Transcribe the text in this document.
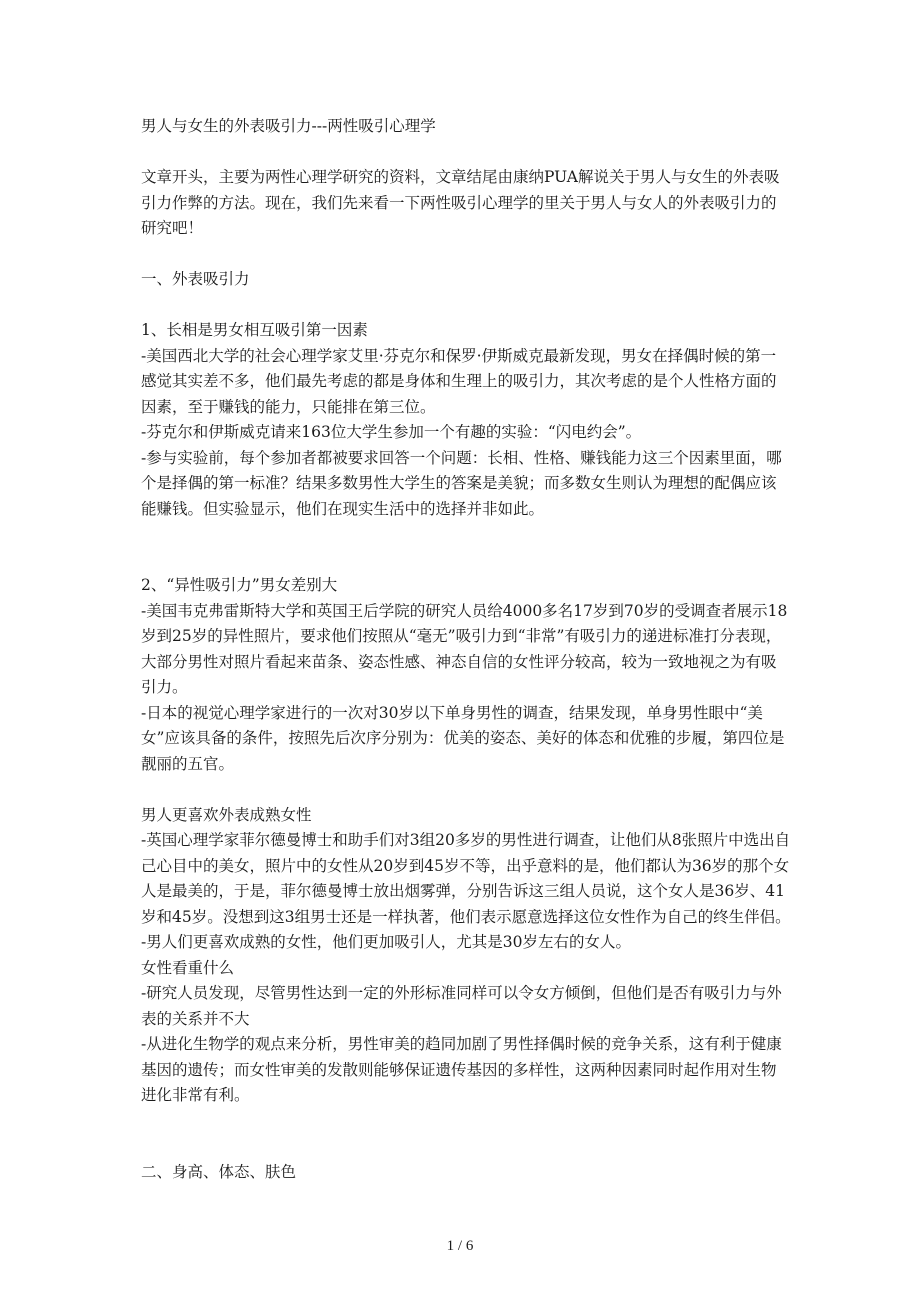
男人与女生的外表吸引力---两性吸引心理学

文章开头，主要为两性心理学研究的资料，文章结尾由康纳PUA解说关于男人与女生的外表吸引力作弊的方法。现在，我们先来看一下两性吸引心理学的里关于男人与女人的外表吸引力的研究吧！

一、外表吸引力

1、长相是男女相互吸引第一因素

-美国西北大学的社会心理学家艾里·芬克尔和保罗·伊斯威克最新发现，男女在择偶时候的第一感觉其实差不多，他们最先考虑的都是身体和生理上的吸引力，其次考虑的是个人性格方面的因素，至于赚钱的能力，只能排在第三位。

-芬克尔和伊斯威克请来163位大学生参加一个有趣的实验：“闪电约会”。

-参与实验前，每个参加者都被要求回答一个问题：长相、性格、赚钱能力这三个因素里面，哪个是择偶的第一标准？结果多数男性大学生的答案是美貌；而多数女生则认为理想的配偶应该能赚钱。但实验显示，他们在现实生活中的选择并非如此。

2、“异性吸引力”男女差别大

-美国韦克弗雷斯特大学和英国王后学院的研究人员给4000多名17岁到70岁的受调查者展示18岁到25岁的异性照片，要求他们按照从“毫无”吸引力到“非常”有吸引力的递进标准打分表现，大部分男性对照片看起来苗条、姿态性感、神态自信的女性评分较高，较为一致地视之为有吸引力。

-日本的视觉心理学家进行的一次对30岁以下单身男性的调查，结果发现，单身男性眼中“美女”应该具备的条件，按照先后次序分别为：优美的姿态、美好的体态和优雅的步履，第四位是靓丽的五官。

男人更喜欢外表成熟女性

-英国心理学家菲尔德曼博士和助手们对3组20多岁的男性进行调查，让他们从8张照片中选出自己心目中的美女，照片中的女性从20岁到45岁不等，出乎意料的是，他们都认为36岁的那个女人是最美的，于是，菲尔德曼博士放出烟雾弹，分别告诉这三组人员说，这个女人是36岁、41岁和45岁。没想到这3组男士还是一样执著，他们表示愿意选择这位女性作为自己的终生伴侣。

-男人们更喜欢成熟的女性，他们更加吸引人，尤其是30岁左右的女人。

女性看重什么

-研究人员发现，尽管男性达到一定的外形标准同样可以令女方倾倒，但他们是否有吸引力与外表的关系并不大

-从进化生物学的观点来分析，男性审美的趋同加剧了男性择偶时候的竞争关系，这有利于健康基因的遗传；而女性审美的发散则能够保证遗传基因的多样性，这两种因素同时起作用对生物进化非常有利。

二、身高、体态、肤色

1 / 6
